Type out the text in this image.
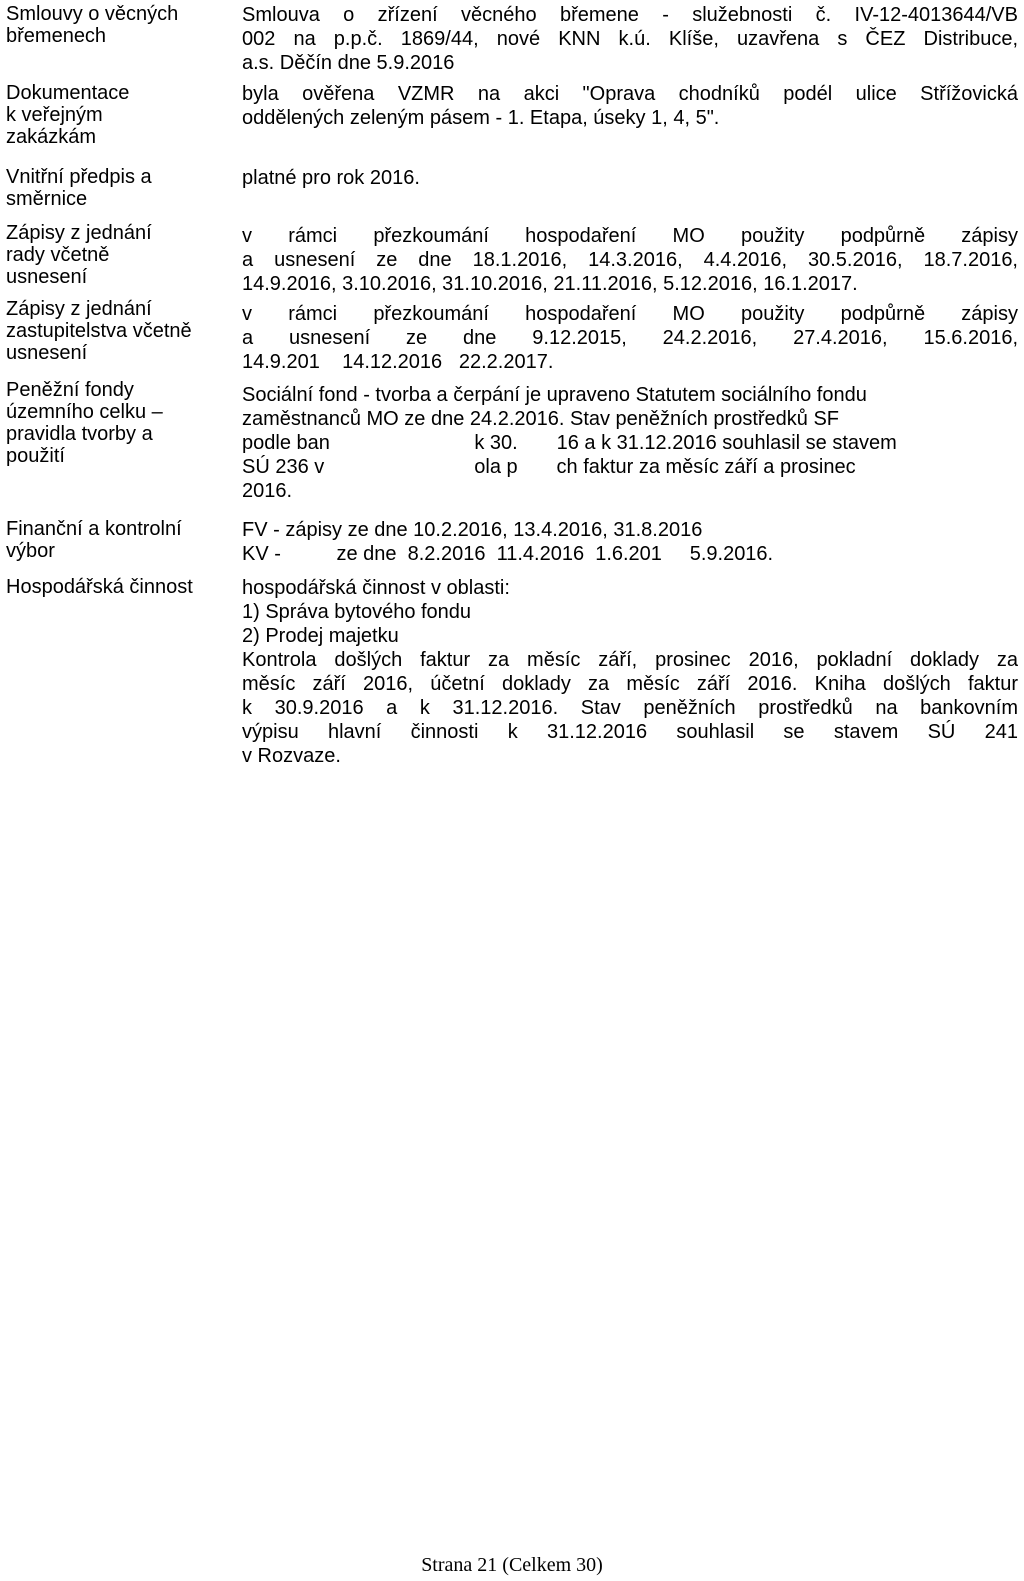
Smlouvy o věcných
břemenech
Smlouva o zřízení věcného břemene - služebnosti č. IV-12-4013644/VB
002 na p.p.č. 1869/44, nové KNN k.ú. Klíše, uzavřena s ČEZ Distribuce,
a.s. Děčín dne 5.9.2016
Dokumentace
k veřejným
zakázkám
byla ověřena VZMR na akci "Oprava chodníků podél ulice Střížovická
oddělených zeleným pásem - 1. Etapa, úseky 1, 4, 5".
Vnitřní předpis a
směrnice
platné pro rok 2016.
Zápisy z jednání
rady včetně
usnesení
v rámci přezkoumání hospodaření MO použity podpůrně zápisy
a usnesení ze dne 18.1.2016, 14.3.2016, 4.4.2016, 30.5.2016, 18.7.2016,
14.9.2016, 3.10.2016, 31.10.2016, 21.11.2016, 5.12.2016, 16.1.2017.
Zápisy z jednání
zastupitelstva včetně
usnesení
v rámci přezkoumání hospodaření MO použity podpůrně zápisy
a usnesení ze dne 9.12.2015, 24.2.2016, 27.4.2016, 15.6.2016,
14.9.201    14.12.2016   22.2.2017.
Peněžní fondy
územního celku –
pravidla tvorby a
použití
Sociální fond - tvorba a čerpání je upraveno Statutem sociálního fondu
zaměstnanců MO ze dne 24.2.2016. Stav peněžních prostředků SF
podle ban                          k 30.       16 a k 31.12.2016 souhlasil se stavem
SÚ 236 v                           ola p       ch faktur za měsíc září a prosinec
2016.
Finanční a kontrolní
výbor
FV - zápisy ze dne 10.2.2016, 13.4.2016, 31.8.2016
KV -          ze dne  8.2.2016  11.4.2016  1.6.201     5.9.2016.
Hospodářská činnost	hospodářská činnost v oblasti:
1) Správa bytového fondu
2) Prodej majetku
Kontrola došlých faktur za měsíc září, prosinec 2016, pokladní doklady za
měsíc září 2016, účetní doklady za měsíc září 2016. Kniha došlých faktur
k 30.9.2016 a k 31.12.2016. Stav peněžních prostředků na bankovním
výpisu hlavní činnosti k 31.12.2016 souhlasil se stavem SÚ 241
v Rozvaze.
Strana 21 (Celkem 30)
